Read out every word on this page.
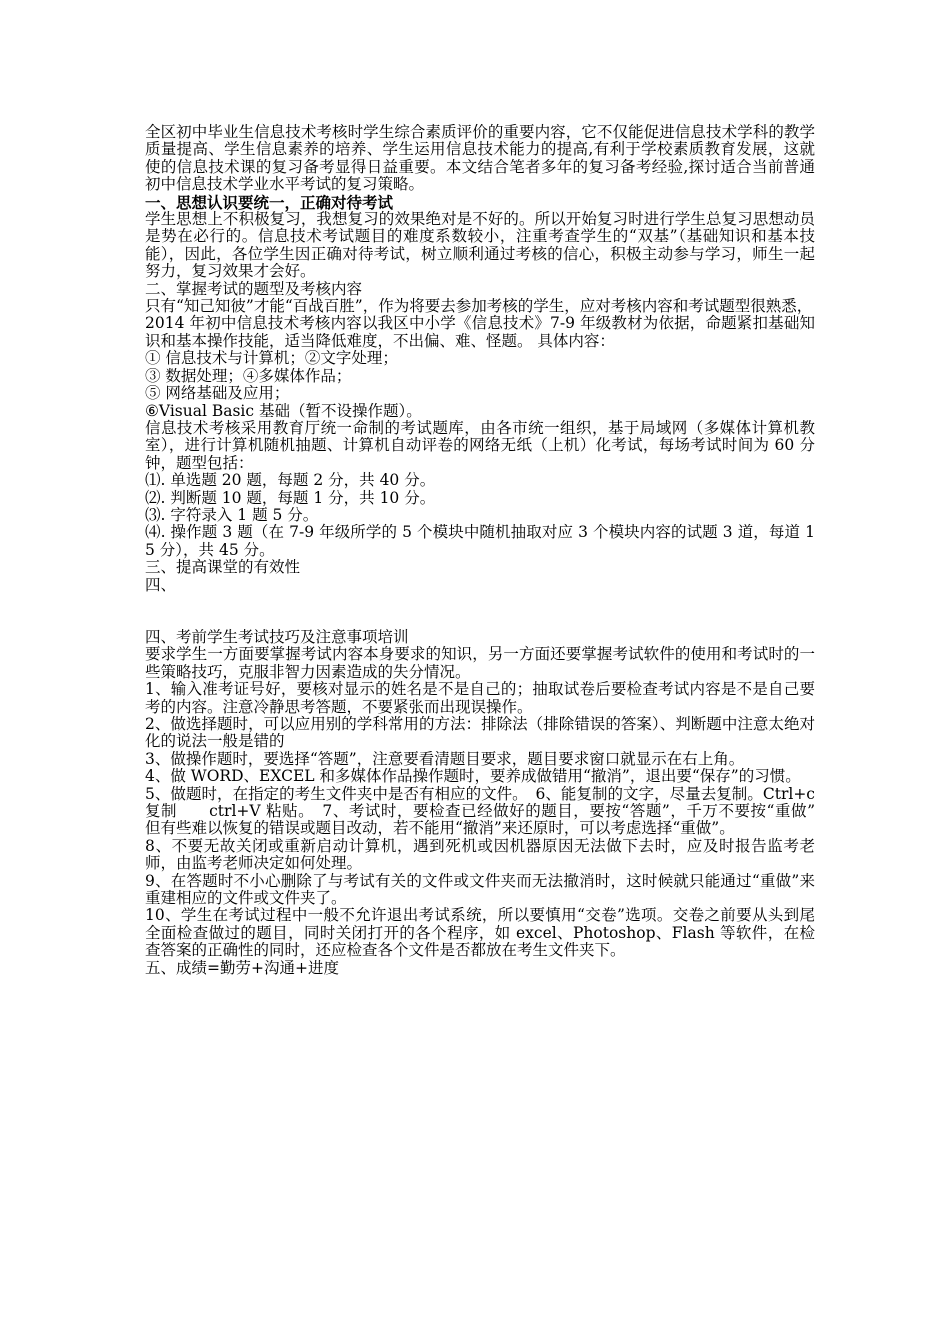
全区初中毕业生信息技术考核时学生综合素质评价的重要内容，它不仅能促进信息技术学科的教学质量提高、学生信息素养的培养、学生运用信息技术能力的提高,有利于学校素质教育发展，这就使的信息技术课的复习备考显得日益重要。本文结合笔者多年的复习备考经验,探讨适合当前普通初中信息技术学业水平考试的复习策略。

一、思想认识要统一，正确对待考试

学生思想上不积极复习，我想复习的效果绝对是不好的。所以开始复习时进行学生总复习思想动员是势在必行的。信息技术考试题目的难度系数较小，注重考查学生的“双基”（基础知识和基本技能），因此，各位学生因正确对待考试，树立顺利通过考核的信心，积极主动参与学习，师生一起努力，复习效果才会好。

二、掌握考试的题型及考核内容

只有“知己知彼”才能“百战百胜”，作为将要去参加考核的学生，应对考核内容和考试题型很熟悉，

2014 年初中信息技术考核内容以我区中小学《信息技术》7-9 年级教材为依据，命题紧扣基础知识和基本操作技能，适当降低难度，不出偏、难、怪题。 具体内容：

① 信息技术与计算机；②文字处理；

③ 数据处理；④多媒体作品；

⑤ 网络基础及应用；

⑥Visual Basic 基础（暂不设操作题）。

信息技术考核采用教育厅统一命制的考试题库，由各市统一组织，基于局域网（多媒体计算机教室），进行计算机随机抽题、计算机自动评卷的网络无纸（上机）化考试，每场考试时间为 60 分钟，题型包括：

⑴. 单选题 20 题，每题 2 分，共 40 分。

⑵. 判断题 10 题，每题 1 分，共 10 分。

⑶. 字符录入 1 题 5 分。

⑷. 操作题 3 题（在 7-9 年级所学的 5 个模块中随机抽取对应 3 个模块内容的试题 3 道，每道 15 分），共 45 分。

三、提高课堂的有效性

四、

四、考前学生考试技巧及注意事项培训

要求学生一方面要掌握考试内容本身要求的知识，另一方面还要掌握考试软件的使用和考试时的一些策略技巧，克服非智力因素造成的失分情况。

1、输入准考证号好，要核对显示的姓名是不是自己的；抽取试卷后要检查考试内容是不是自己要考的内容。注意冷静思考答题，不要紧张而出现误操作。

2、做选择题时，可以应用别的学科常用的方法：排除法（排除错误的答案）、判断题中注意太绝对化的说法一般是错的

3、做操作题时，要选择“答题”，注意要看清题目要求，题目要求窗口就显示在右上角。

4、做 WORD、EXCEL 和多媒体作品操作题时，要养成做错用“撤消”，退出要“保存”的习惯。

5、做题时，在指定的考生文件夹中是否有相应的文件。　6、能复制的文字，尽量去复制。Ctrl+c　复制　　ctrl+V 粘贴。　7、考试时，要检查已经做好的题目，要按“答题”，千万不要按“重做”　但有些难以恢复的错误或题目改动，若不能用“撤消”来还原时，可以考虑选择“重做”。

8、不要无故关闭或重新启动计算机，遇到死机或因机器原因无法做下去时，应及时报告监考老师，由监考老师决定如何处理。

9、在答题时不小心删除了与考试有关的文件或文件夹而无法撤消时，这时候就只能通过“重做”来重建相应的文件或文件夹了。

10、学生在考试过程中一般不允许退出考试系统，所以要慎用“交卷”选项。交卷之前要从头到尾全面检查做过的题目，同时关闭打开的各个程序，如 excel、Photoshop、Flash 等软件，在检查答案的正确性的同时，还应检查各个文件是否都放在考生文件夹下。

五、成绩=勤劳+沟通+进度
